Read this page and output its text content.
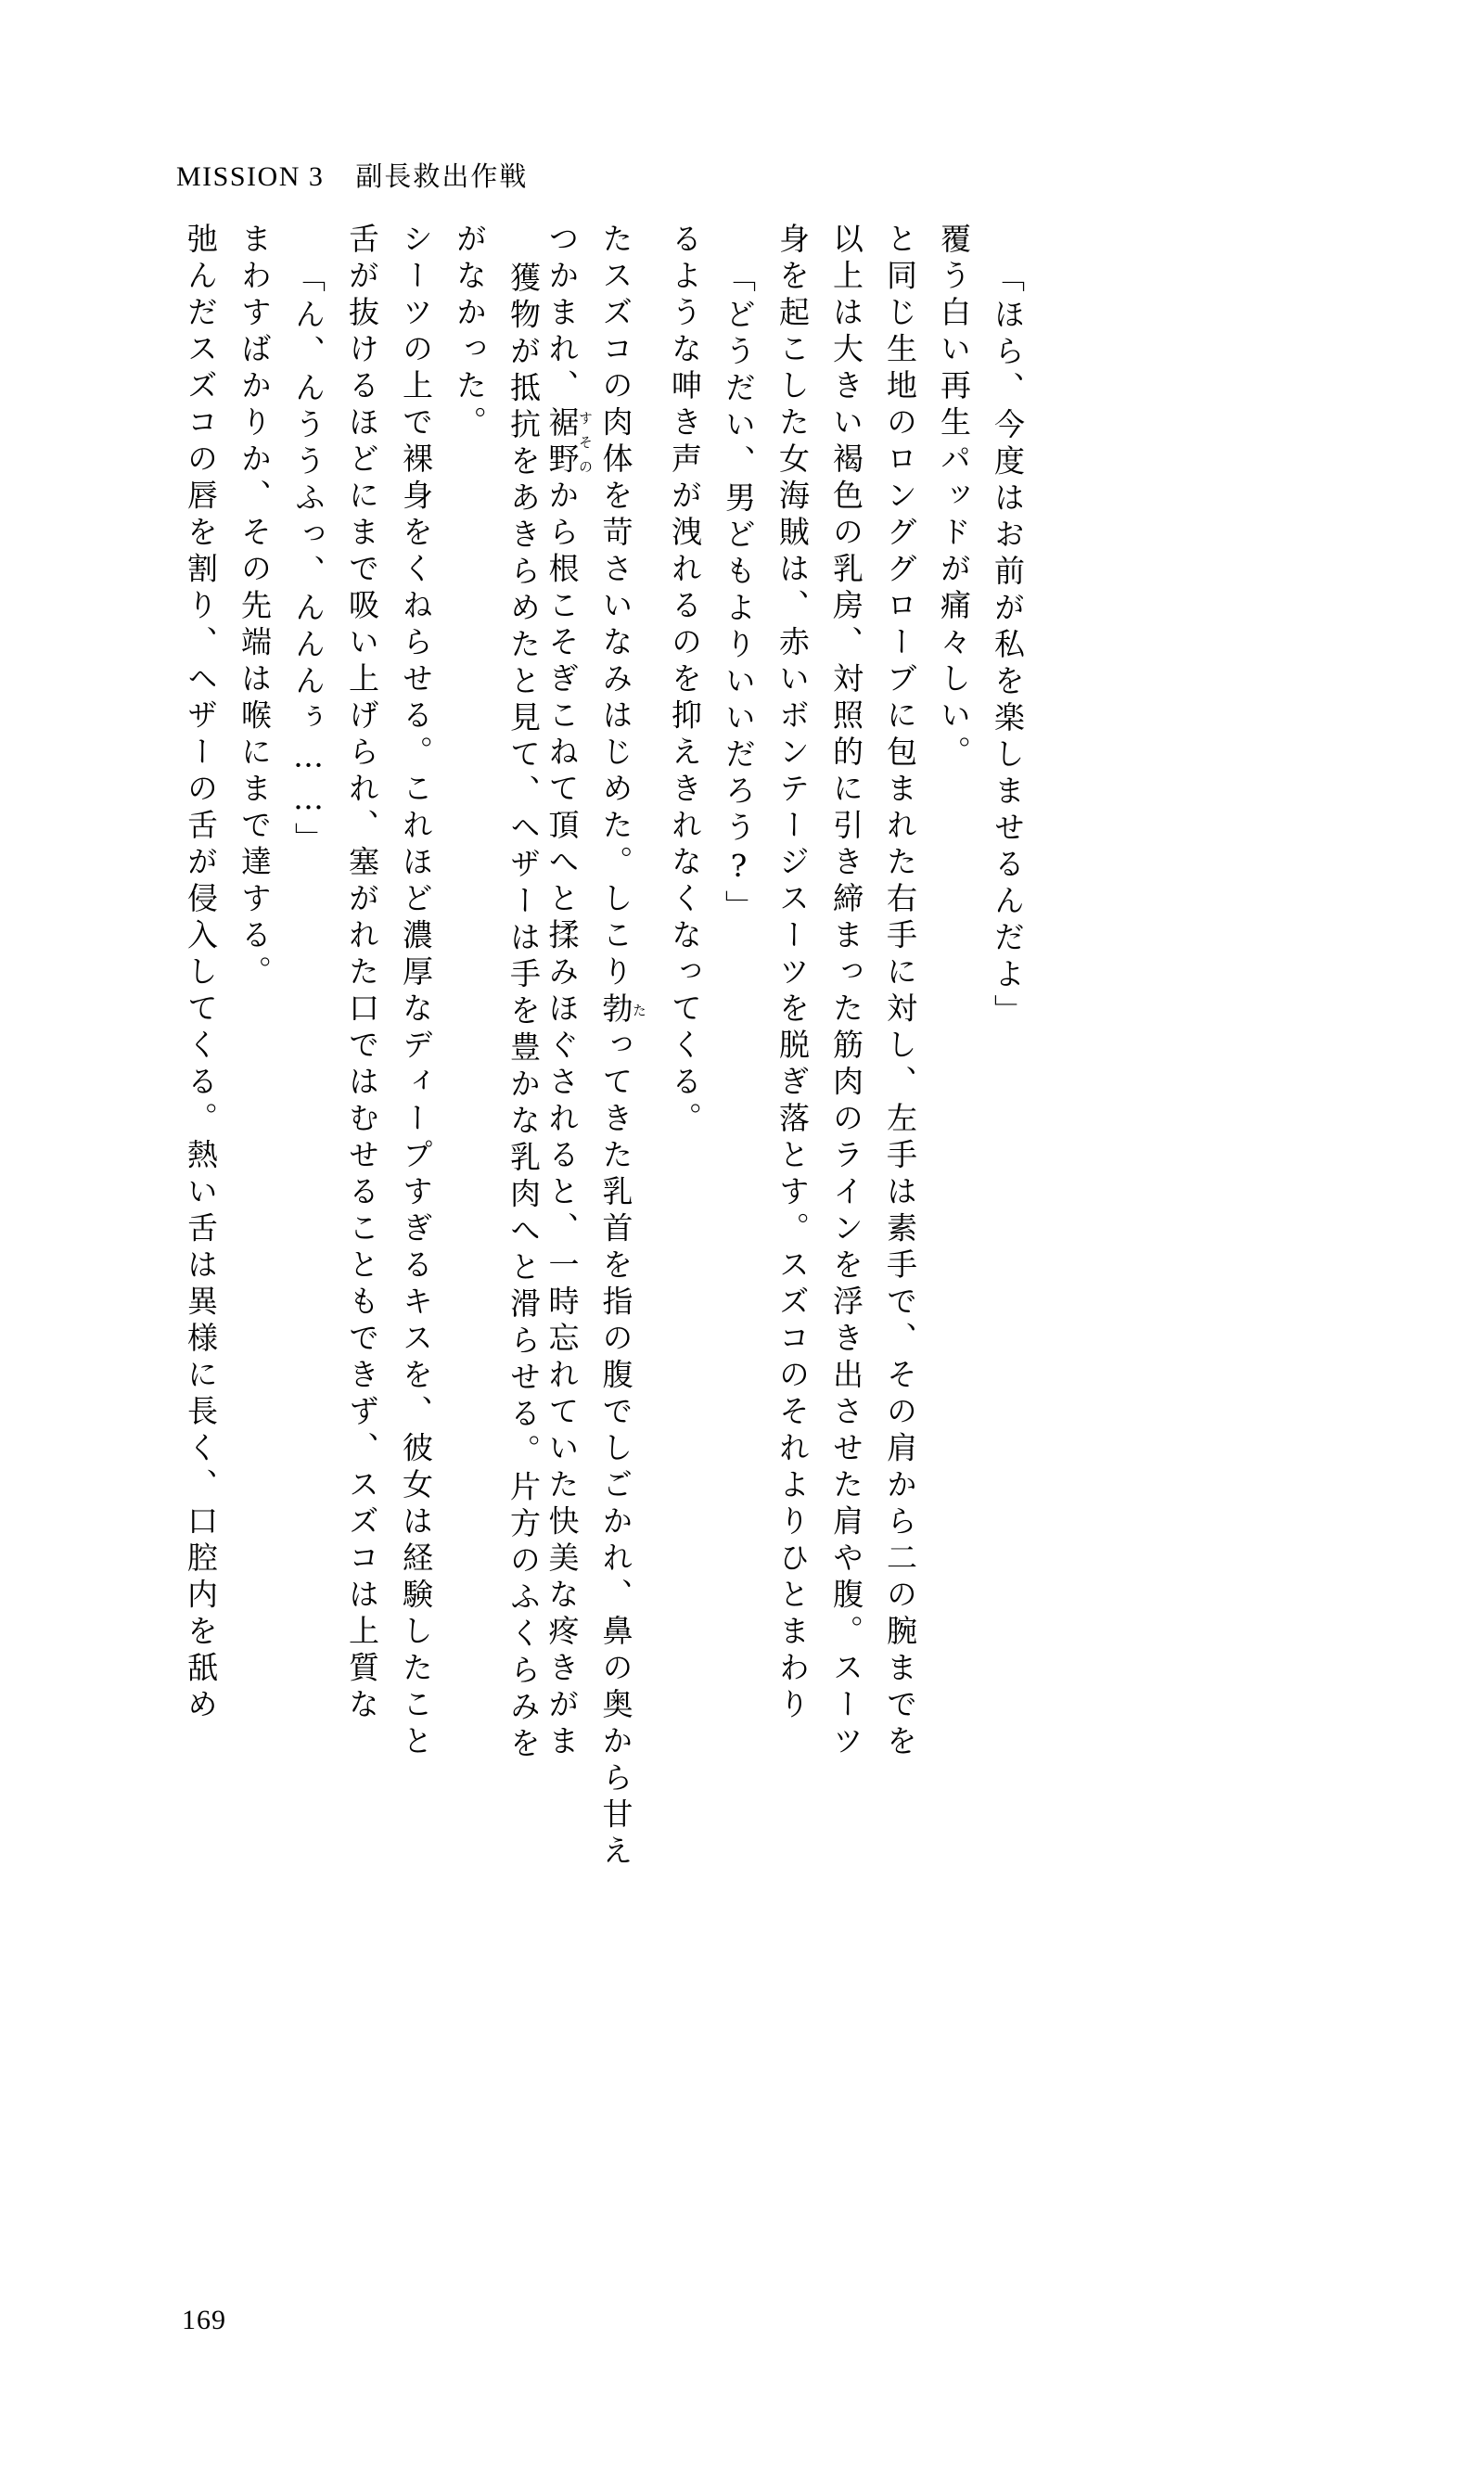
MISSION 3 副長救出作戦
弛んだスズコの唇を割り、ヘザーの舌が侵入してくる。熱い舌は異様に長く、口腔内を舐め まわすばかりか、その先端は喉にまで達する。 「ん、んううふっ、んんんぅ……」 舌が抜けるほどにまで吸い上げられ、塞がれた口ではむせることもできず、スズコは上質な シーツの上で裸身をくねらせる。これほど濃厚なディープすぎるキスを、彼女は経験したこと がなかった。 獲物が抵抗をあきらめたと見て、ヘザーは手を豊かな乳肉へと滑らせる。片方のふくらみを つかまれ、裾野すそのから根こそぎこねて頂へと揉みほぐされると、一時忘れていた快美な疼きがま たスズコの肉体を苛さいなみはじめた。しこり勃たってきた乳首を指の腹でしごかれ、鼻の奥から甘え
るような呻き声が洩れるのを抑えきれなくなってくる。 「どうだい、男どもよりいいだろう?」 身を起こした女海賊は、赤いボンテージスーツを脱ぎ落とす。スズコのそれよりひとまわり 以上は大きい褐色の乳房、対照的に引き締まった筋肉のラインを浮き出させた肩や腹。スーツ と同じ生地のロンググローブに包まれた右手に対し、左手は素手で、その肩から二の腕までを 覆う白い再生パッドが痛々しい。 「ほら、今度はお前が私を楽しませるんだよ」
169
